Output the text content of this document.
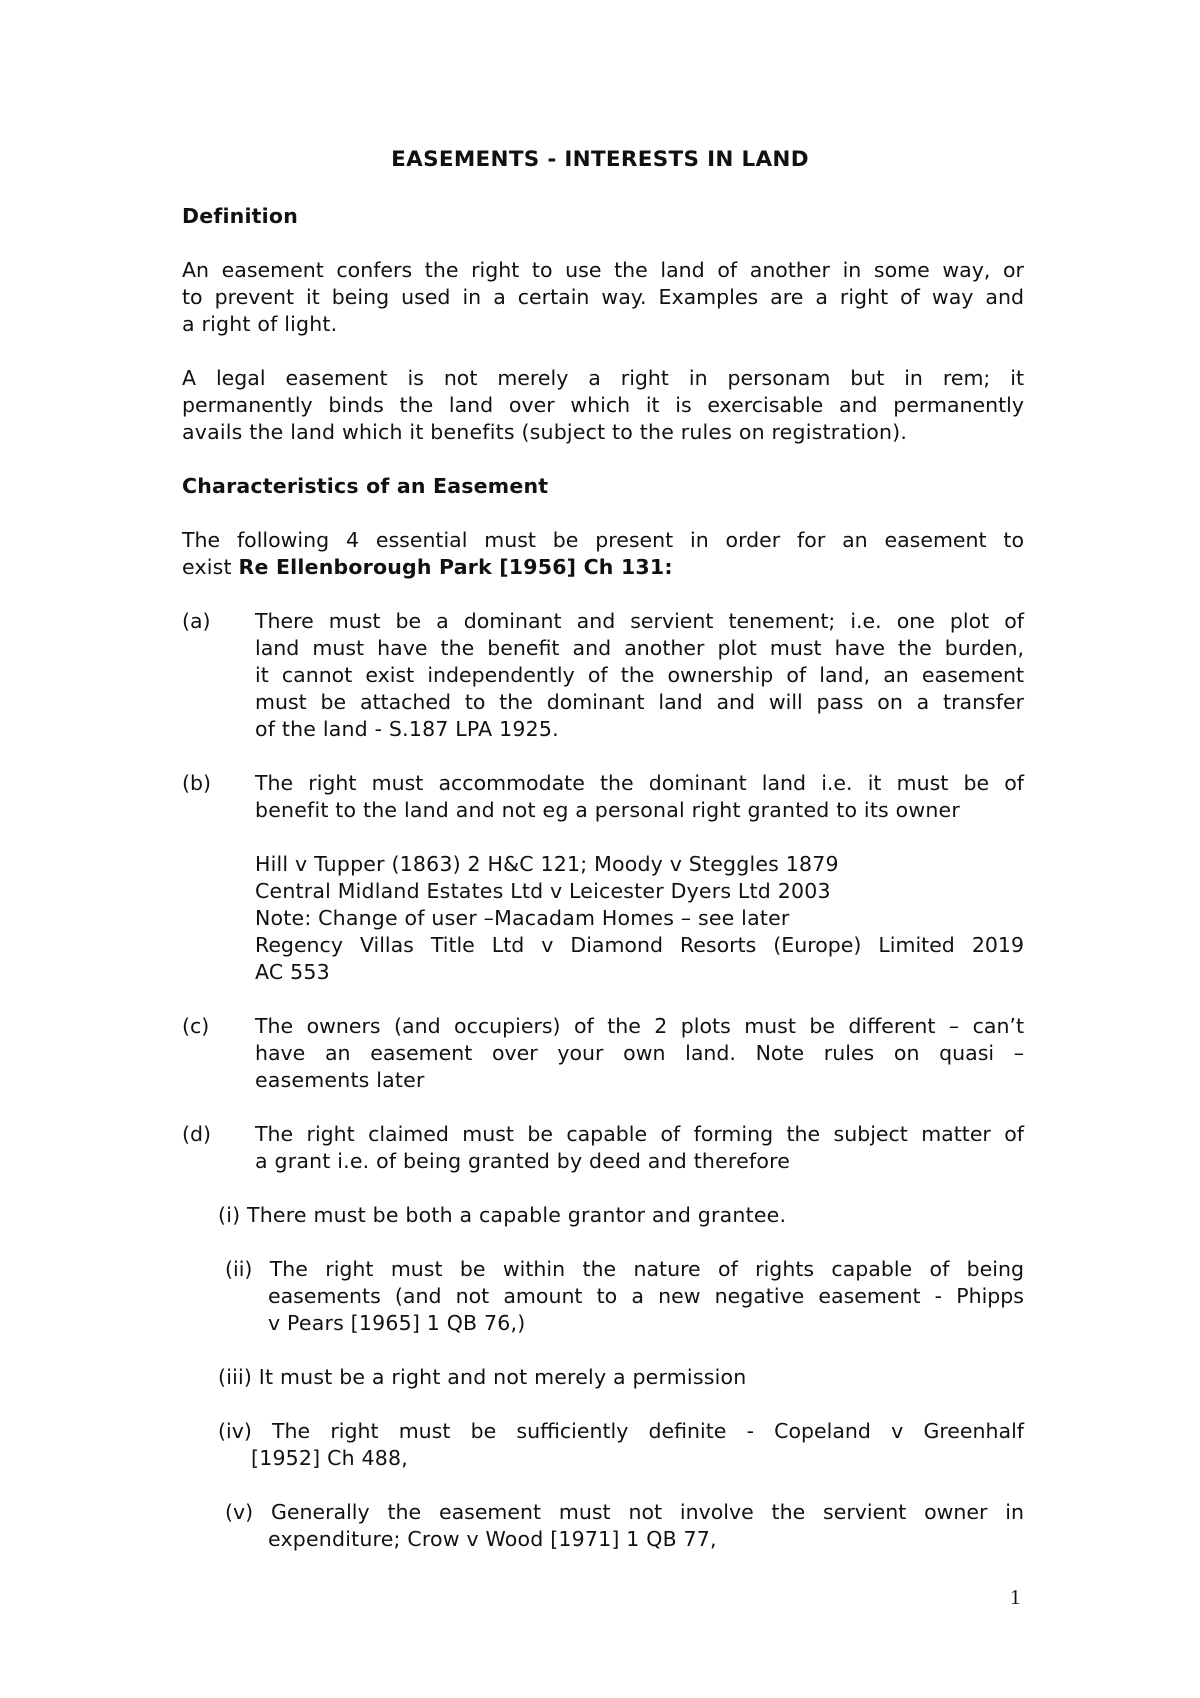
EASEMENTS - INTERESTS IN LAND
Definition
An easement confers the right to use the land of another in some way, or
to prevent it being used in a certain way. Examples are a right of way and
a right of light.
A legal easement is not merely a right in personam but in rem; it
permanently binds the land over which it is exercisable and permanently
avails the land which it benefits (subject to the rules on registration).
Characteristics of an Easement
The following 4 essential must be present in order for an easement to
exist Re Ellenborough Park [1956] Ch 131:
(a) There must be a dominant and servient tenement; i.e. one plot of
land must have the benefit and another plot must have the burden,
it cannot exist independently of the ownership of land, an easement
must be attached to the dominant land and will pass on a transfer
of the land - S.187 LPA 1925.
(b) The right must accommodate the dominant land i.e. it must be of
benefit to the land and not eg a personal right granted to its owner
Hill v Tupper (1863) 2 H&C 121; Moody v Steggles 1879
Central Midland Estates Ltd v Leicester Dyers Ltd 2003
Note: Change of user –Macadam Homes – see later
Regency Villas Title Ltd v Diamond Resorts (Europe) Limited 2019
AC 553
(c) The owners (and occupiers) of the 2 plots must be different – can’t
have an easement over your own land. Note rules on quasi –
easements later
(d) The right claimed must be capable of forming the subject matter of
a grant i.e. of being granted by deed and therefore
(i) There must be both a capable grantor and grantee.
(ii) The right must be within the nature of rights capable of being
easements (and not amount to a new negative easement - Phipps
v Pears [1965] 1 QB 76,)
(iii) It must be a right and not merely a permission
(iv) The right must be sufficiently definite - Copeland v Greenhalf
[1952] Ch 488,
(v) Generally the easement must not involve the servient owner in
expenditure; Crow v Wood [1971] 1 QB 77,
1
